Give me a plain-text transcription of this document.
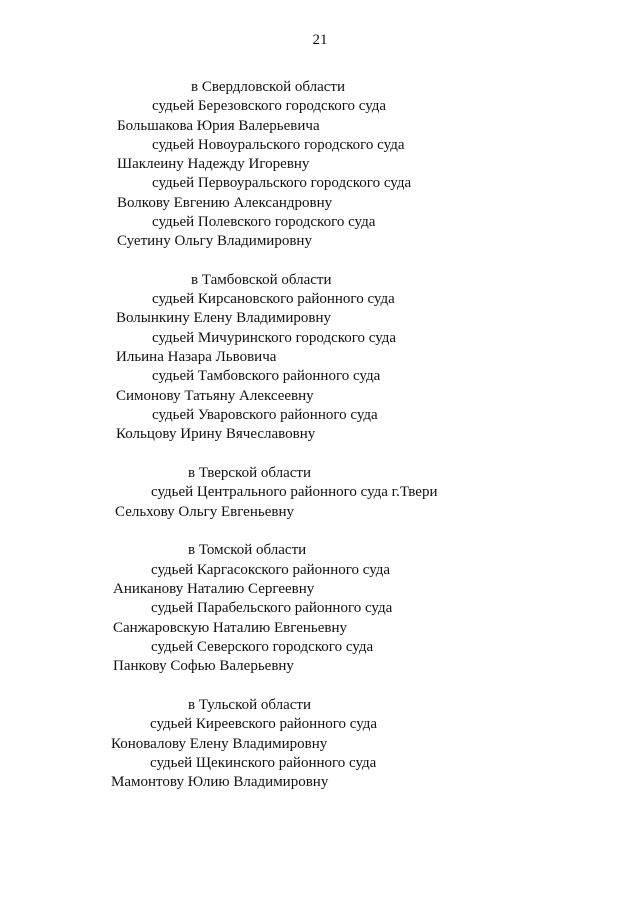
21
в Свердловской области
судьей Березовского городского суда
Большакова Юрия Валерьевича
судьей Новоуральского городского суда
Шаклеину Надежду Игоревну
судьей Первоуральского городского суда
Волкову Евгению Александровну
судьей Полевского городского суда
Суетину Ольгу Владимировну
в Тамбовской области
судьей Кирсановского районного суда
Волынкину Елену Владимировну
судьей Мичуринского городского суда
Ильина Назара Львовича
судьей Тамбовского районного суда
Симонову Татьяну Алексеевну
судьей Уваровского районного суда
Кольцову Ирину Вячеславовну
в Тверской области
судьей Центрального районного суда г.Твери
Сельхову Ольгу Евгеньевну
в Томской области
судьей Каргасокского районного суда
Аниканову Наталию Сергеевну
судьей Парабельского районного суда
Санжаровскую Наталию Евгеньевну
судьей Северского городского суда
Панкову Софью Валерьевну
в Тульской области
судьей Киреевского районного суда
Коновалову Елену Владимировну
судьей Щекинского районного суда
Мамонтову Юлию Владимировну
